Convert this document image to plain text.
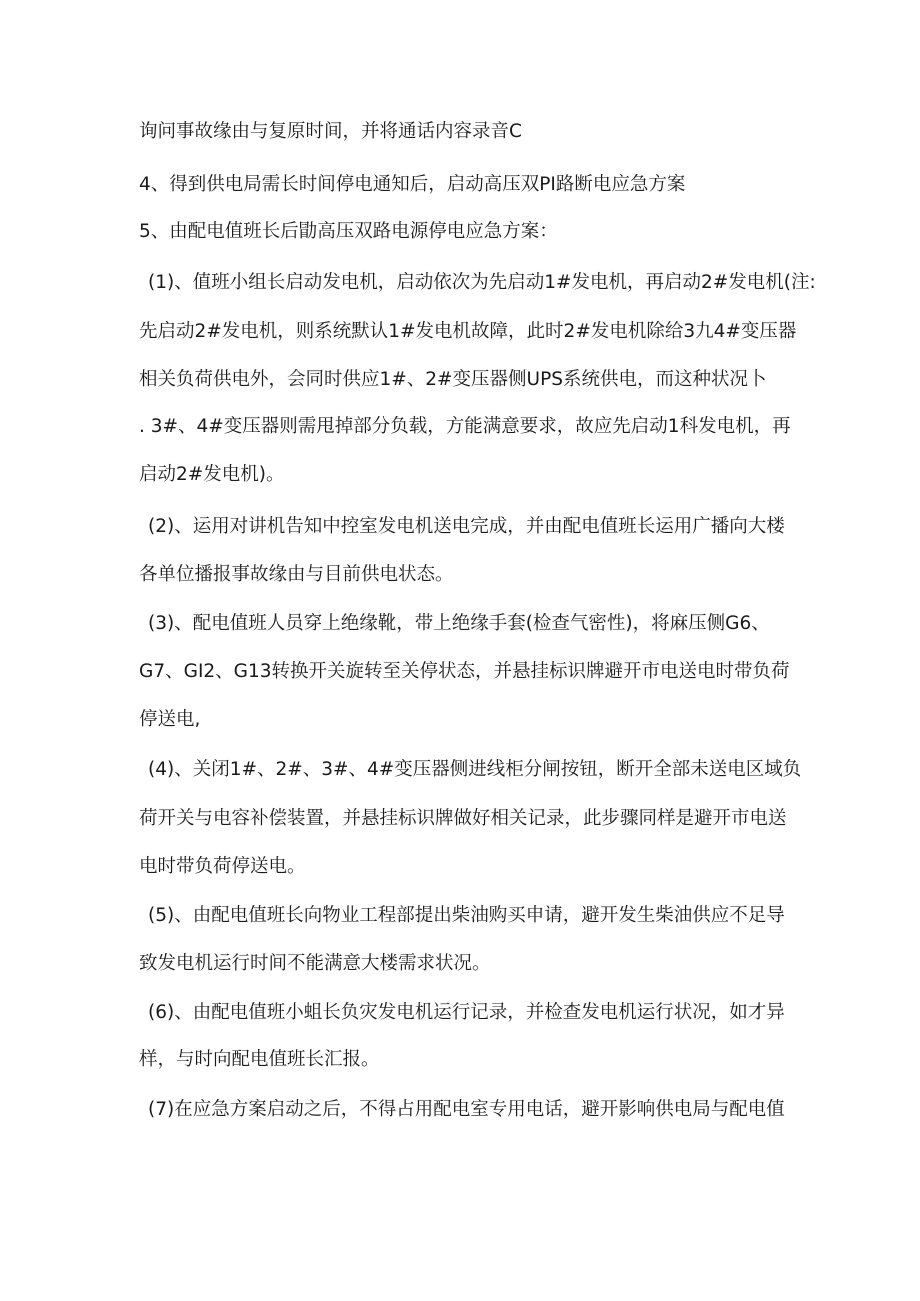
询问事故缘由与复原时间，并将通话内容录音C

4、得到供电局需长时间停电通知后，启动高压双PI路断电应急方案

5、由配电值班长后勖高压双路电源停电应急方案：

(1)、值班小组长启动发电机，启动依次为先启动1#发电机，再启动2#发电机(注:

先启动2#发电机，则系统默认1#发电机故障，此时2#发电机除给3九4#变压器

相关负荷供电外，会同时供应1#、2#变压器侧UPS系统供电，而这种状况卜

. 3#、4#变压器则需甩掉部分负载，方能满意要求，故应先启动1科发电机，再

启动2#发电机)。

(2)、运用对讲机告知中控室发电机送电完成，并由配电值班长运用广播向大楼

各单位播报事故缘由与目前供电状态。

(3)、配电值班人员穿上绝缘靴，带上绝缘手套(检查气密性)，将麻压侧G6、

G7、GI2、G13转换开关旋转至关停状态，并悬挂标识牌避开市电送电时带负荷

停送电,

(4)、关闭1#、2#、3#、4#变压器侧进线柜分闸按钮，断开全部未送电区域负

荷开关与电容补偿装置，并悬挂标识牌做好相关记录，此步骤同样是避开市电送

电时带负荷停送电。

(5)、由配电值班长向物业工程部提出柴油购买申请，避开发生柴油供应不足导

致发电机运行时间不能满意大楼需求状况。

(6)、由配电值班小蛆长负灾发电机运行记录，并检查发电机运行状况，如才异

样，与时向配电值班长汇报。

(7)在应急方案启动之后，不得占用配电室专用电话，避开影响供电局与配电值
